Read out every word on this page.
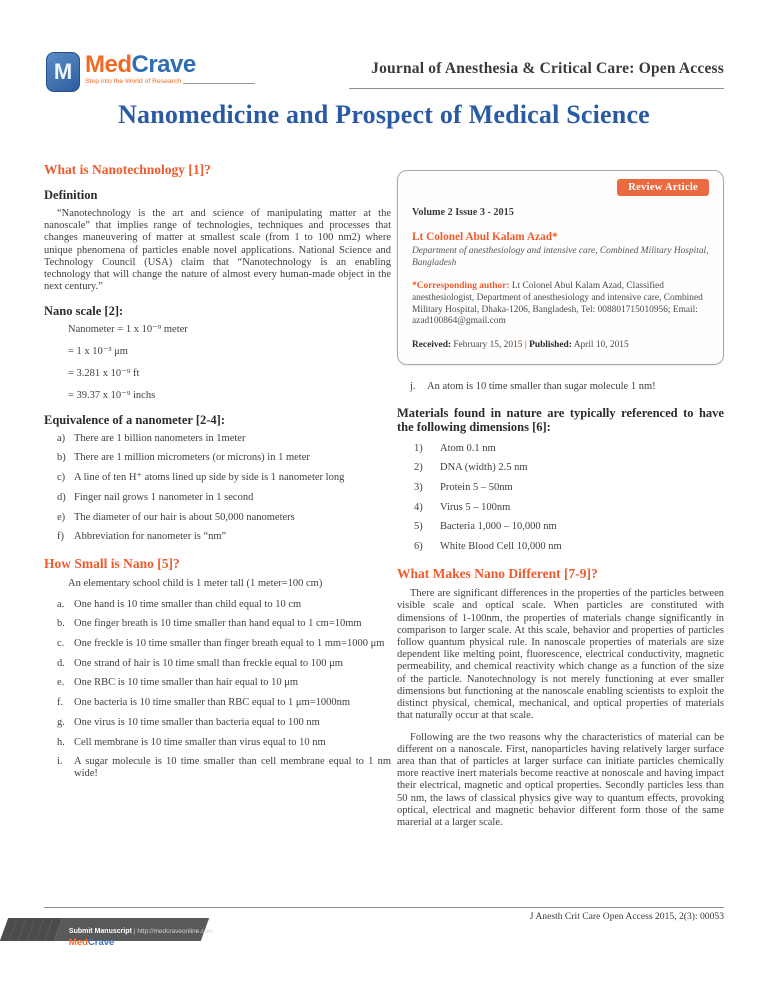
M MedCrave
Step into the World of Research
Journal of Anesthesia & Critical Care: Open Access
Nanomedicine and Prospect of Medical Science
What is Nanotechnology [1]?
Definition

“Nanotechnology is the art and science of manipulating matter at the nanoscale” that implies range of technologies, techniques and processes that changes maneuvering of matter at smallest scale (from 1 to 100 nm2) where unique phenomena of particles enable novel applications. National Science and Technology Council (USA) claim that “Nanotechnology is an enabling technology that will change the nature of almost every human-made object in the next century.”

Nano scale [2]:
Nanometer = 1 x 10⁻⁹ meter
= 1 x 10⁻³ μm
= 3.281 x 10⁻⁹ ft
= 39.37 x 10⁻⁹ inchs
Equivalence of a nanometer [2-4]:
a) There are 1 billion nanometers in 1meter
b) There are 1 million micrometers (or microns) in 1 meter
c) A line of ten H⁺ atoms lined up side by side is 1 nanometer long
d) Finger nail grows 1 nanometer in 1 second
e) The diameter of our hair is about 50,000 nanometers
f) Abbreviation for nanometer is “nm”
How Small is Nano [5]?
An elementary school child is 1 meter tall (1 meter=100 cm)
a. One hand is 10 time smaller than child equal to 10 cm
b. One finger breath is 10 time smaller than hand equal to 1 cm=10mm
c. One freckle is 10 time smaller than finger breath equal to 1 mm=1000 μm
d. One strand of hair is 10 time small than freckle equal to 100 μm
e. One RBC is 10 time smaller than hair equal to 10 μm
f.	One bacteria is 10 time smaller than RBC equal to 1 μm=1000nm
g. One virus is 10 time smaller than bacteria equal to 100 nm
h. Cell membrane is 10 time smaller than virus equal to 10 nm
i.	A sugar molecule is 10 time smaller than cell membrane equal to 1 nm wide!
Review Article
Volume 2 Issue 3 - 2015
Lt Colonel Abul Kalam Azad*
Department of anesthesiology and intensive care, Combined Military Hospital, Bangladesh
*Corresponding author: Lt Colonel Abul Kalam Azad, Classified anesthesiologist, Department of anesthesiology and intensive care, Combined Military Hospital, Dhaka-1206, Bangladesh, Tel: 008801715010956; Email: azad100864@gmail.com
Received: February 15, 2015 | Published: April 10, 2015
j.	An atom is 10 time smaller than sugar molecule 1 nm!
Materials found in nature are typically referenced to have the following dimensions [6]:
1)	Atom 0.1 nm
2)	DNA (width) 2.5 nm
3)	Protein 5 – 50nm
4)	Virus 5 – 100nm
5)	Bacteria 1,000 – 10,000 nm
6)	White Blood Cell 10,000 nm
What Makes Nano Different [7-9]?

There are significant differences in the properties of the particles between visible scale and optical scale. When particles are constituted with dimensions of 1-100nm, the properties of materials change significantly in comparison to larger scale. At this scale, behavior and properties of particles follow quantum physical rule. In nanoscale properties of materials are size dependent like melting point, fluorescence, electrical conductivity, magnetic permeability, and chemical reactivity which change as a function of the size of the particle. Nanotechnology is not merely functioning at ever smaller dimensions but functioning at the nanoscale enabling scientists to exploit the distinct physical, chemical, mechanical, and optical properties of materials that naturally occur at that scale.

Following are the two reasons why the characteristics of material can be different on a nanoscale. First, nanoparticles having relatively larger surface area than that of particles at larger surface can initiate particles chemically more reactive inert materials become reactive at nonoscale and having impact their electrical, magnetic and optical properties. Secondly particles less than 50 nm, the laws of classical physics give way to quantum effects, provoking optical, electrical and magnetic behavior different form those of the same marerial at a larger scale.

J Anesth Crit Care Open Access 2015, 2(3): 00053
Submit Manuscript | http://medcraveonline.com
MedCrave
